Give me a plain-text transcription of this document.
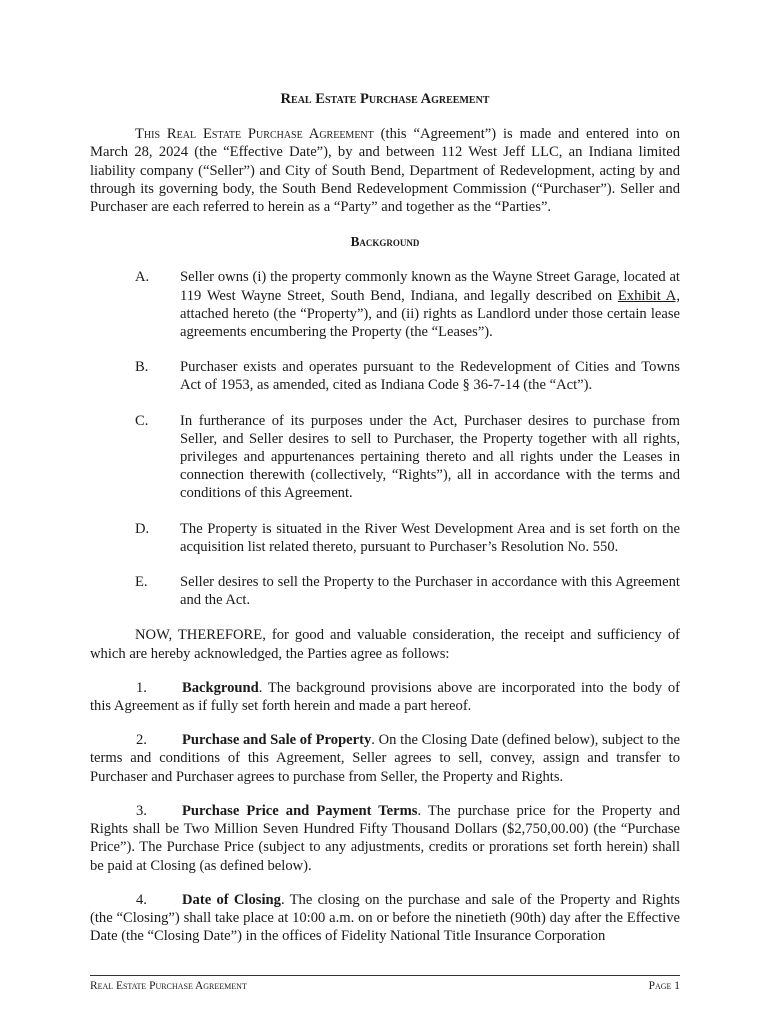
Real Estate Purchase Agreement

This Real Estate Purchase Agreement (this “Agreement”) is made and entered into on March 28, 2024 (the “Effective Date”), by and between 112 West Jeff LLC, an Indiana limited liability company (“Seller”) and City of South Bend, Department of Redevelopment, acting by and through its governing body, the South Bend Redevelopment Commission (“Purchaser”). Seller and Purchaser are each referred to herein as a “Party” and together as the “Parties”.

Background
A.	Seller owns (i) the property commonly known as the Wayne Street Garage, located at 119 West Wayne Street, South Bend, Indiana, and legally described on Exhibit A, attached hereto (the “Property”), and (ii) rights as Landlord under those certain lease agreements encumbering the Property (the “Leases”).
B.	Purchaser exists and operates pursuant to the Redevelopment of Cities and Towns Act of 1953, as amended, cited as Indiana Code § 36-7-14 (the “Act”).
C.	In furtherance of its purposes under the Act, Purchaser desires to purchase from Seller, and Seller desires to sell to Purchaser, the Property together with all rights, privileges and appurtenances pertaining thereto and all rights under the Leases in connection therewith (collectively, “Rights”), all in accordance with the terms and conditions of this Agreement.
D.	The Property is situated in the River West Development Area and is set forth on the acquisition list related thereto, pursuant to Purchaser’s Resolution No. 550.
E.	Seller desires to sell the Property to the Purchaser in accordance with this Agreement and the Act.

NOW, THEREFORE, for good and valuable consideration, the receipt and sufficiency of which are hereby acknowledged, the Parties agree as follows:

1. Background. The background provisions above are incorporated into the body of this Agreement as if fully set forth herein and made a part hereof.

2. Purchase and Sale of Property. On the Closing Date (defined below), subject to the terms and conditions of this Agreement, Seller agrees to sell, convey, assign and transfer to Purchaser and Purchaser agrees to purchase from Seller, the Property and Rights.

3. Purchase Price and Payment Terms. The purchase price for the Property and Rights shall be Two Million Seven Hundred Fifty Thousand Dollars ($2,750,00.00) (the “Purchase Price”). The Purchase Price (subject to any adjustments, credits or prorations set forth herein) shall be paid at Closing (as defined below).

4. Date of Closing. The closing on the purchase and sale of the Property and Rights (the “Closing”) shall take place at 10:00 a.m. on or before the ninetieth (90th) day after the Effective Date (the “Closing Date”) in the offices of Fidelity National Title Insurance Corporation

Real Estate Purchase Agreement	Page 1
